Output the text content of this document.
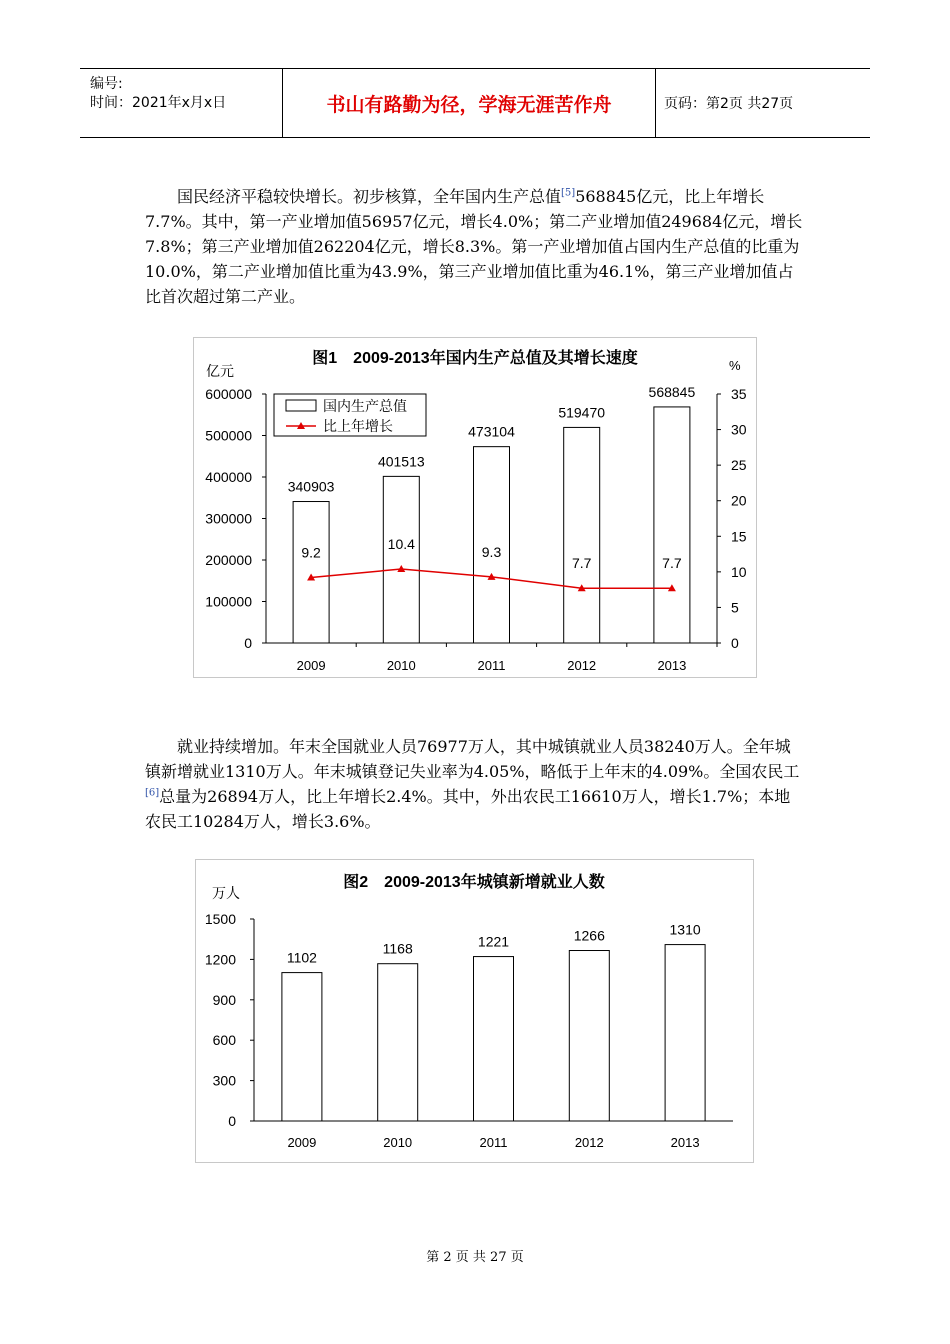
编号:
时间：2021年x月x日	书山有路勤为径，学海无涯苦作舟	页码：第2页 共27页

国民经济平稳较快增长。初步核算，全年国内生产总值[5]568845亿元，比上年增长7.7%。其中，第一产业增加值56957亿元，增长4.0%；第二产业增加值249684亿元，增长7.8%；第三产业增加值262204亿元，增长8.3%。第一产业增加值占国内生产总值的比重为10.0%，第二产业增加值比重为43.9%，第三产业增加值比重为46.1%，第三产业增加值占比首次超过第二产业。

图1　2009-2013年国内生产总值及其增长速度
亿元	%
600000
500000
400000
300000
200000
100000
0
35
30
25
20
15
10
5
0
340903
2009
401513
2010
473104
2011
519470
2012
568845
2013
9.2
10.4	9.3
7.7	7.7
国内生产总值
比上年增长

就业持续增加。年末全国就业人员76977万人，其中城镇就业人员38240万人。全年城镇新增就业1310万人。年末城镇登记失业率为4.05%，略低于上年末的4.09%。全国农民工[6]总量为26894万人，比上年增长2.4%。其中，外出农民工16610万人，增长1.7%；本地农民工10284万人，增长3.6%。

图2　2009-2013年城镇新增就业人数
万人
1500
1200
900
600
300
0
1102
2009
1168
2010
1221
2011
1266
2012
1310
2013
第 2 页 共 27 页
